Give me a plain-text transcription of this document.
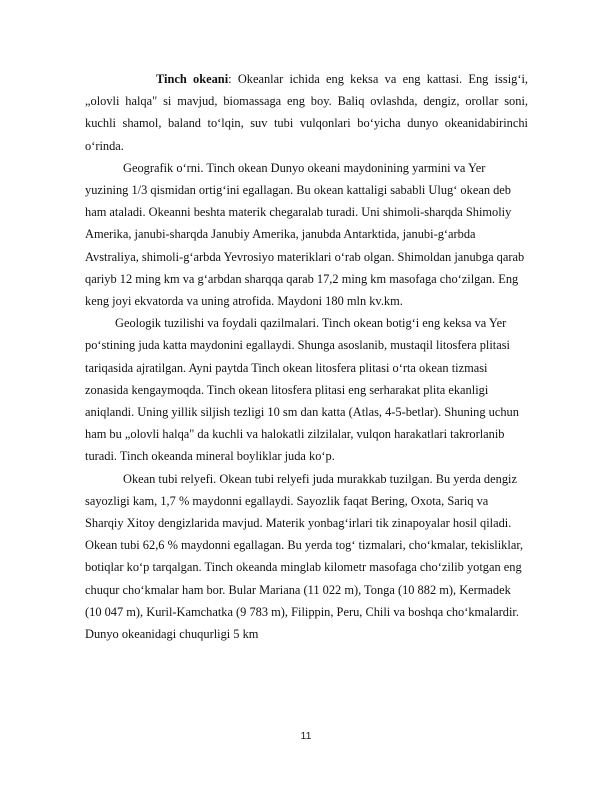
Tinch okeani: Okeanlar ichida eng keksa va eng kattasi. Eng issig‘i, „olovli halqa" si mavjud, biomassaga eng boy. Baliq ovlashda, dengiz, orollar soni, kuchli shamol, baland to‘lqin, suv tubi vulqonlari bo‘yicha dunyo okeanidabirinchi o‘rinda.

Geografik o‘rni. Tinch okean Dunyo okeani maydonining yarmini va Yer yuzining 1/3 qismidan ortig‘ini egallagan. Bu okean kattaligi sababli Ulug‘ okean deb ham ataladi. Okeanni beshta materik chegaralab turadi. Uni shimoli-sharqda Shimoliy Amerika, janubi-sharqda Janubiy Amerika, janubda Antarktida, janubi-g‘arbda Avstraliya, shimoli-g‘arbda Yevrosiyo materiklari o‘rab olgan. Shimoldan janubga qarab qariyb 12 ming km va g‘arbdan sharqqa qarab 17,2 ming km masofaga cho‘zilgan. Eng keng joyi ekvatorda va uning atrofida. Maydoni 180 mln kv.km.

Geologik tuzilishi va foydali qazilmalari. Tinch okean botig‘i eng keksa va Yer po‘stining juda katta maydonini egallaydi. Shunga asoslanib, mustaqil litosfera plitasi tariqasida ajratilgan. Ayni paytda Tinch okean litosfera plitasi o‘rta okean tizmasi zonasida kengaymoqda. Tinch okean litosfera plitasi eng serharakat plita ekanligi aniqlandi. Uning yillik siljish tezligi 10 sm dan katta (Atlas, 4-5-betlar). Shuning uchun ham bu „olovli halqa" da kuchli va halokatli zilzilalar, vulqon harakatlari takrorlanib turadi. Tinch okeanda mineral boyliklar juda ko‘p.

Okean tubi relyefi. Okean tubi relyefi juda murakkab tuzilgan. Bu yerda dengiz sayozligi kam, 1,7 % maydonni egallaydi. Sayozlik faqat Bering, Oxota, Sariq va Sharqiy Xitoy dengizlarida mavjud. Materik yonbag‘irlari tik zinapoyalar hosil qiladi. Okean tubi 62,6 % maydonni egallagan. Bu yerda tog‘ tizmalari, cho‘kmalar, tekisliklar, botiqlar ko‘p tarqalgan. Tinch okeanda minglab kilometr masofaga cho‘zilib yotgan eng chuqur cho‘kmalar ham bor. Bular Mariana (11 022 m), Tonga (10 882 m), Kermadek (10 047 m), Kuril-Kamchatka (9 783 m), Filippin, Peru, Chili va boshqa cho‘kmalardir. Dunyo okeanidagi chuqurligi 5 km

11
